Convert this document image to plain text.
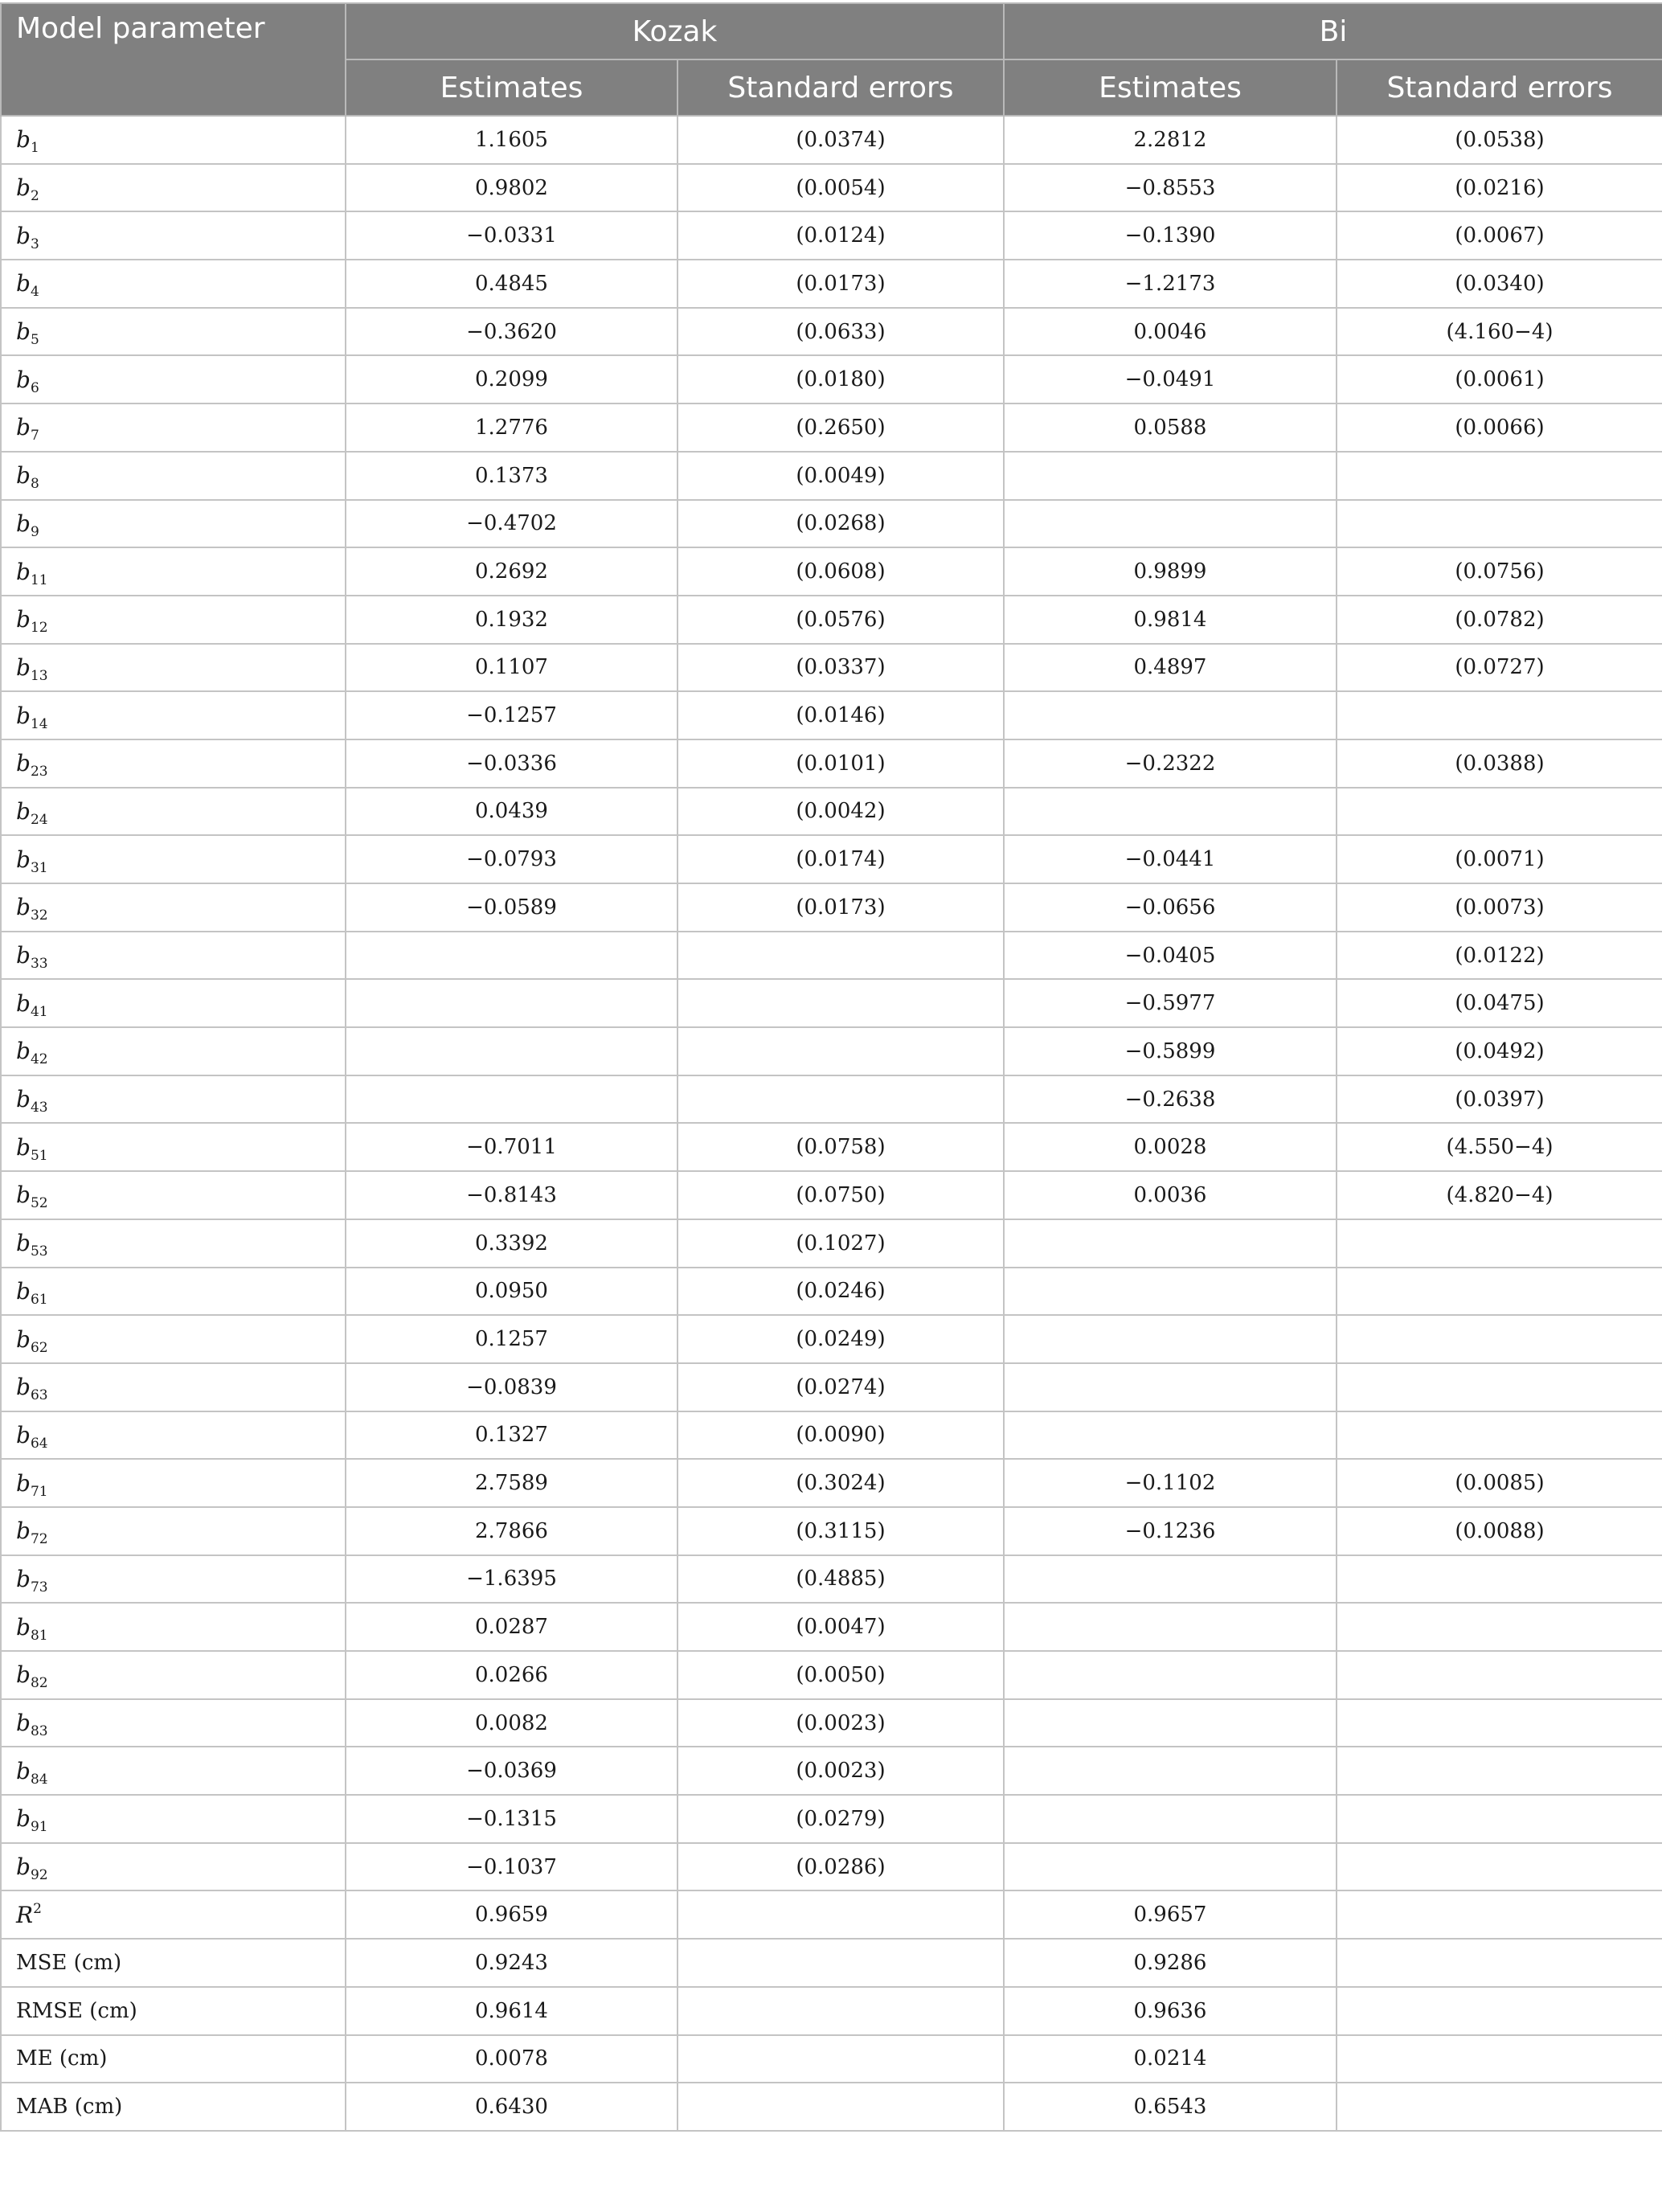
Model parameter	Kozak		Bi	
	Estimates	Standard errors	Estimates	Standard errors
$b_1$	1.1605	(0.0374)	2.2812	(0.0538)
$b_2$	0.9802	(0.0054)	−0.8553	(0.0216)
$b_3$	−0.0331	(0.0124)	−0.1390	(0.0067)
$b_4$	0.4845	(0.0173)	−1.2173	(0.0340)
$b_5$	−0.3620	(0.0633)	0.0046	(4.160−4)
$b_6$	0.2099	(0.0180)	−0.0491	(0.0061)
$b_7$	1.2776	(0.2650)	0.0588	(0.0066)
$b_8$	0.1373	(0.0049)		
$b_9$	−0.4702	(0.0268)		
$b_{11}$	0.2692	(0.0608)	0.9899	(0.0756)
$b_{12}$	0.1932	(0.0576)	0.9814	(0.0782)
$b_{13}$	0.1107	(0.0337)	0.4897	(0.0727)
$b_{14}$	−0.1257	(0.0146)		
$b_{23}$	−0.0336	(0.0101)	−0.2322	(0.0388)
$b_{24}$	0.0439	(0.0042)		
$b_{31}$	−0.0793	(0.0174)	−0.0441	(0.0071)
$b_{32}$	−0.0589	(0.0173)	−0.0656	(0.0073)
$b_{33}$			−0.0405	(0.0122)
$b_{41}$			−0.5977	(0.0475)
$b_{42}$			−0.5899	(0.0492)
$b_{43}$			−0.2638	(0.0397)
$b_{51}$	−0.7011	(0.0758)	0.0028	(4.550−4)
$b_{52}$	−0.8143	(0.0750)	0.0036	(4.820−4)
$b_{53}$	0.3392	(0.1027)		
$b_{61}$	0.0950	(0.0246)		
$b_{62}$	0.1257	(0.0249)		
$b_{63}$	−0.0839	(0.0274)		
$b_{64}$	0.1327	(0.0090)		
$b_{71}$	2.7589	(0.3024)	−0.1102	(0.0085)
$b_{72}$	2.7866	(0.3115)	−0.1236	(0.0088)
$b_{73}$	−1.6395	(0.4885)		
$b_{81}$	0.0287	(0.0047)		
$b_{82}$	0.0266	(0.0050)		
$b_{83}$	0.0082	(0.0023)		
$b_{84}$	−0.0369	(0.0023)		
$b_{91}$	−0.1315	(0.0279)		
$b_{92}$	−0.1037	(0.0286)		
$R^2$	0.9659		0.9657	
MSE (cm)	0.9243		0.9286	
RMSE (cm)	0.9614		0.9636	
ME (cm)	0.0078		0.0214	
MAB (cm)	0.6430		0.6543	
